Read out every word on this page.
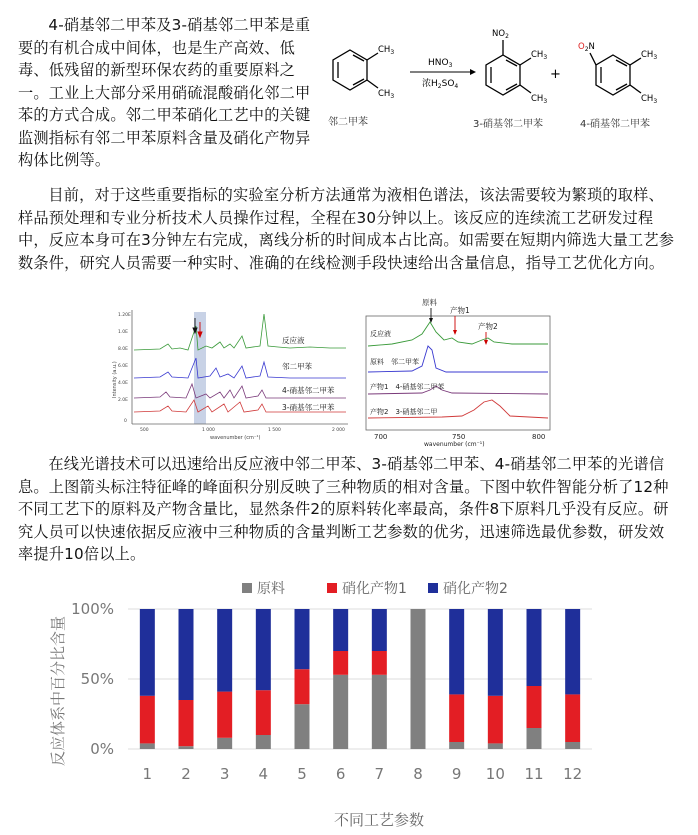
4-硝基邻二甲苯及3-硝基邻二甲苯是重要的有机合成中间体，也是生产高效、低毒、低残留的新型环保农药的重要原料之一。工业上大部分采用硝硫混酸硝化邻二甲苯的方式合成。邻二甲苯硝化工艺中的关键监测指标有邻二甲苯原料含量及硝化产物异构体比例等。

$CH_3$
$CH_3$
邻二甲苯
$HNO_3$
浓$H_2SO_4$
$NO_2$
$CH_3$
$CH_3$
3-硝基邻二甲苯
+
$O_2N$
$CH_3$
$CH_3$
4-硝基邻二甲苯

目前，对于这些重要指标的实验室分析方法通常为液相色谱法，该法需要较为繁琐的取样、样品预处理和专业分析技术人员操作过程，全程在30分钟以上。该反应的连续流工艺研发过程中，反应本身可在3分钟左右完成，离线分析的时间成本占比高。如需要在短期内筛选大量工艺参数条件，研究人员需要一种实时、准确的在线检测手段快速给出含量信息，指导工艺优化方向。

Intensity (a.u.)
1.20E
1.0E
8.0E
6.0E
4.0E
2.0E
0
500	1 000	1 500	2 000
wavenumber (cm⁻¹)
反应液
邻二甲苯
4-硝基邻二甲苯
3-硝基邻二甲苯
原料
产物1
产物2
反应液
原料　邻二甲苯
产物1　4-硝基邻二甲苯
产物2　3-硝基邻二甲
700	750	800
wavenumber (cm⁻¹)

在线光谱技术可以迅速给出反应液中邻二甲苯、3-硝基邻二甲苯、4-硝基邻二甲苯的光谱信息。上图箭头标注特征峰的峰面积分别反映了三种物质的相对含量。下图中软件智能分析了12种不同工艺下的原料及产物含量比，显然条件2的原料转化率最高，条件8下原料几乎没有反应。研究人员可以快速依据反应液中三种物质的含量判断工艺参数的优劣，迅速筛选最优参数，研发效率提升10倍以上。

原料	硝化产物1	硝化产物2
反应体系中百分比含量
不同工艺参数
0%
50%
100%
1 2 3 4 5 6 7 8 9 10 11 12
